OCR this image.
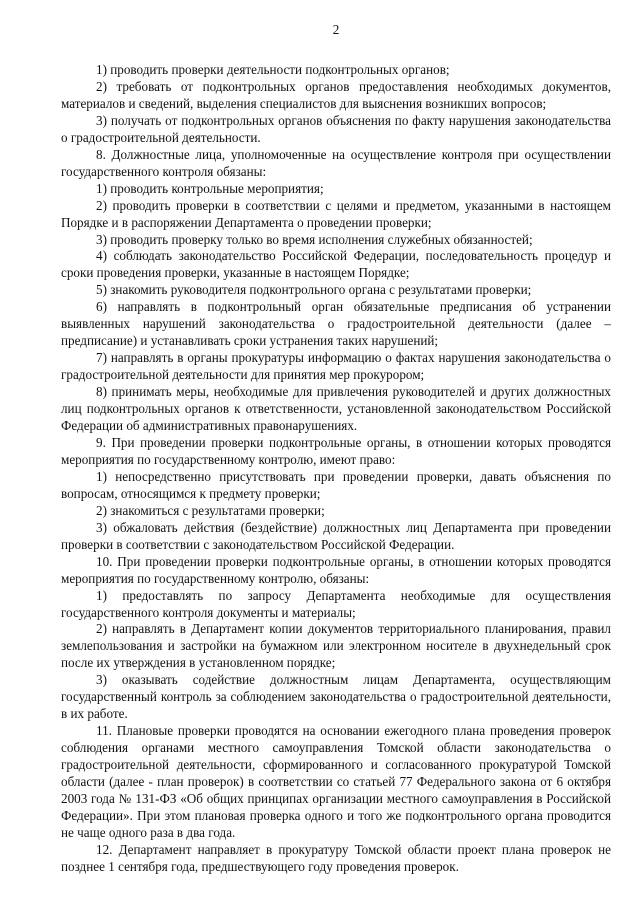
2

1) проводить проверки деятельности подконтрольных органов;

2) требовать от подконтрольных органов предоставления необходимых документов, материалов и сведений, выделения специалистов для выяснения возникших вопросов;

3) получать от подконтрольных органов объяснения по факту нарушения законодательства о градостроительной деятельности.

8. Должностные лица, уполномоченные на осуществление контроля при осуществлении государственного контроля обязаны:

1) проводить контрольные мероприятия;

2) проводить проверки в соответствии с целями и предметом, указанными в настоящем Порядке и в распоряжении Департамента о проведении проверки;

3) проводить проверку только во время исполнения служебных обязанностей;

4) соблюдать законодательство Российской Федерации, последовательность процедур и сроки проведения проверки, указанные в настоящем Порядке;

5) знакомить руководителя подконтрольного органа с результатами проверки;

6) направлять в подконтрольный орган обязательные предписания об устранении выявленных нарушений законодательства о градостроительной деятельности (далее – предписание) и устанавливать сроки устранения таких нарушений;

7) направлять в органы прокуратуры информацию о фактах нарушения законодательства о градостроительной деятельности для принятия мер прокурором;

8) принимать меры, необходимые для привлечения руководителей и других должностных лиц подконтрольных органов к ответственности, установленной законодательством Российской Федерации об административных правонарушениях.

9. При проведении проверки подконтрольные органы, в отношении которых проводятся мероприятия по государственному контролю, имеют право:

1) непосредственно присутствовать при проведении проверки, давать объяснения по вопросам, относящимся к предмету проверки;

2) знакомиться с результатами проверки;

3) обжаловать действия (бездействие) должностных лиц Департамента при проведении проверки в соответствии с законодательством Российской Федерации.

10. При проведении проверки подконтрольные органы, в отношении которых проводятся мероприятия по государственному контролю, обязаны:

1) предоставлять по запросу Департамента необходимые для осуществления государственного контроля документы и материалы;

2) направлять в Департамент копии документов территориального планирования, правил землепользования и застройки на бумажном или электронном носителе в двухнедельный срок после их утверждения в установленном порядке;

3) оказывать содействие должностным лицам Департамента, осуществляющим государственный контроль за соблюдением законодательства о градостроительной деятельности, в их работе.

11. Плановые проверки проводятся на основании ежегодного плана проведения проверок соблюдения органами местного самоуправления Томской области законодательства о градостроительной деятельности, сформированного и согласованного прокуратурой Томской области (далее - план проверок) в соответствии со статьей 77 Федерального закона от 6 октября 2003 года № 131-ФЗ «Об общих принципах организации местного самоуправления в Российской Федерации». При этом плановая проверка одного и того же подконтрольного органа проводится не чаще одного раза в два года.

12. Департамент направляет в прокуратуру Томской области проект плана проверок не позднее 1 сентября года, предшествующего году проведения проверок.
